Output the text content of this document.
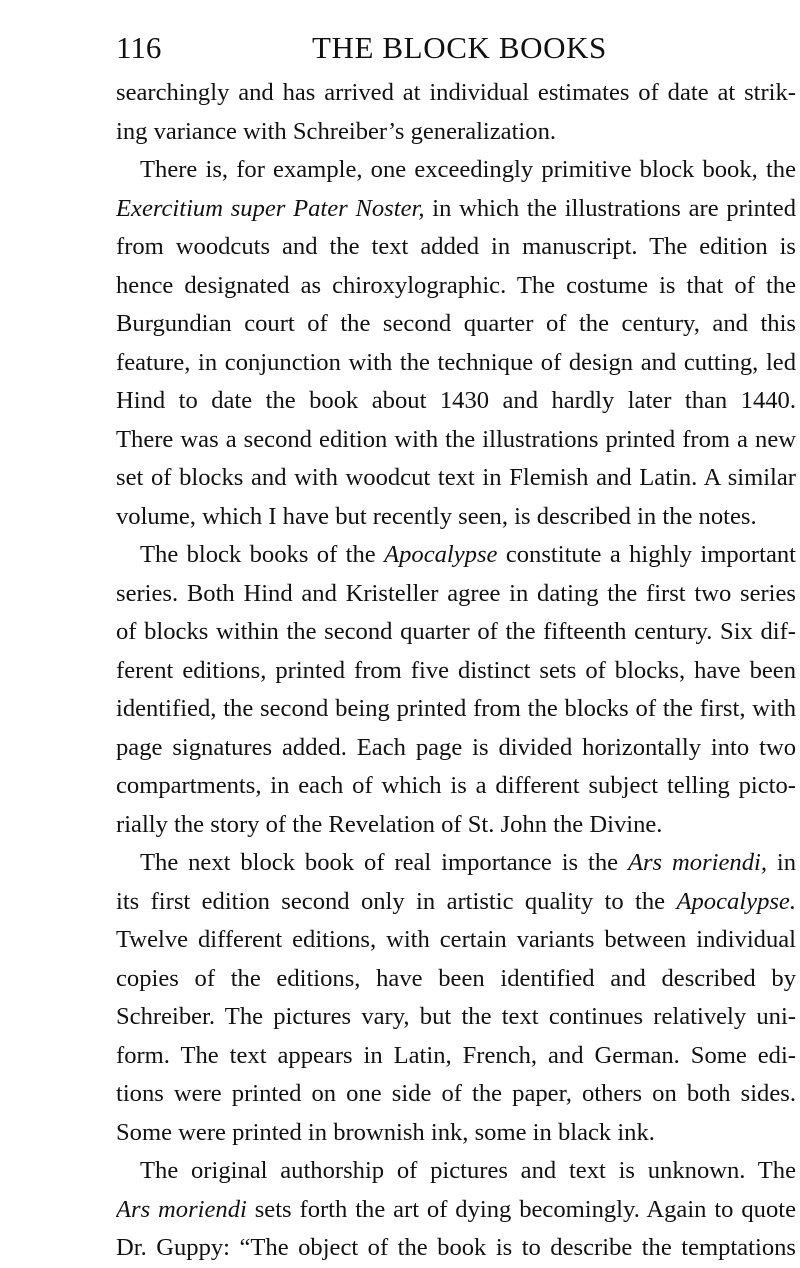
116	THE BLOCK BOOKS
searchingly and has arrived at individual estimates of date at strik-
ing variance with Schreiber’s generalization.
There is, for example, one exceedingly primitive block book, the
Exercitium super Pater Noster, in which the illustrations are printed
from woodcuts and the text added in manuscript. The edition is
hence designated as chiroxylographic. The costume is that of the
Burgundian court of the second quarter of the century, and this
feature, in conjunction with the technique of design and cutting, led
Hind to date the book about 1430 and hardly later than 1440.
There was a second edition with the illustrations printed from a new
set of blocks and with woodcut text in Flemish and Latin. A similar
volume, which I have but recently seen, is described in the notes.
The block books of the Apocalypse constitute a highly important
series. Both Hind and Kristeller agree in dating the first two series
of blocks within the second quarter of the fifteenth century. Six dif-
ferent editions, printed from five distinct sets of blocks, have been
identified, the second being printed from the blocks of the first, with
page signatures added. Each page is divided horizontally into two
compartments, in each of which is a different subject telling picto-
rially the story of the Revelation of St. John the Divine.
The next block book of real importance is the Ars moriendi, in
its first edition second only in artistic quality to the Apocalypse.
Twelve different editions, with certain variants between individual
copies of the editions, have been identified and described by
Schreiber. The pictures vary, but the text continues relatively uni-
form. The text appears in Latin, French, and German. Some edi-
tions were printed on one side of the paper, others on both sides.
Some were printed in brownish ink, some in black ink.
The original authorship of pictures and text is unknown. The
Ars moriendi sets forth the art of dying becomingly. Again to quote
Dr. Guppy: “The object of the book is to describe the temptations
